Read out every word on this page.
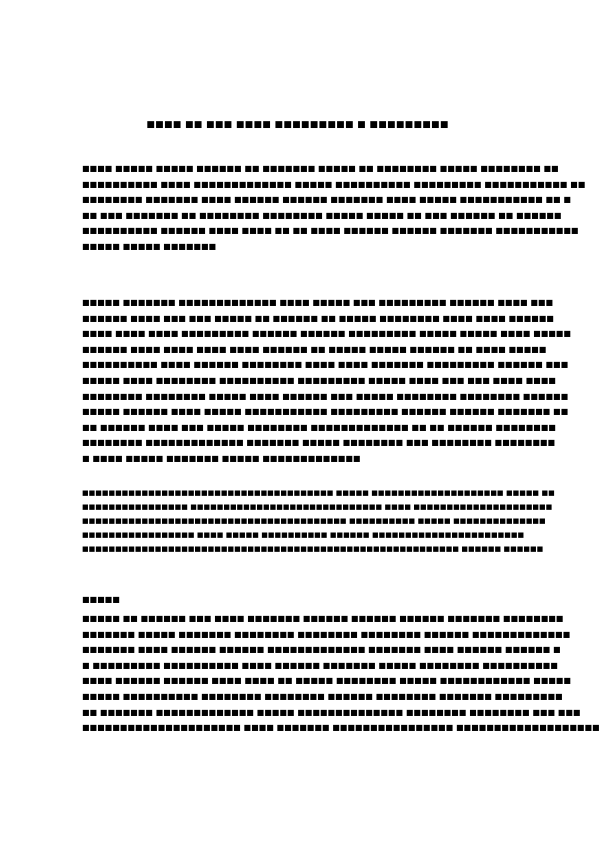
■■■■ ■■ ■■■ ■■■■ ■■■■■■■■■ ■ ■■■■■■■■■
■■■■ ■■■■■ ■■■■■ ■■■■■■ ■■ ■■■■■■■ ■■■■■ ■■ ■■■■■■■■ ■■■■■ ■■■■■■■■ ■■
■■■■■■■■■■ ■■■■ ■■■■■■■■■■■■■ ■■■■■ ■■■■■■■■■■ ■■■■■■■■■ ■■■■■■■■■■■ ■■
■■■■■■■■ ■■■■■■■ ■■■■ ■■■■■■ ■■■■■■ ■■■■■■■ ■■■■ ■■■■■ ■■■■■■■■■■■ ■■ ■
■■ ■■■ ■■■■■■■ ■■ ■■■■■■■■ ■■■■■■■■ ■■■■■ ■■■■■ ■■ ■■■ ■■■■■■ ■■ ■■■■■■
■■■■■■■■■■ ■■■■■■ ■■■■ ■■■■ ■■ ■■ ■■■■ ■■■■■■ ■■■■■■ ■■■■■■■ ■■■■■■■■■■■
■■■■■ ■■■■■ ■■■■■■■
■■■■■ ■■■■■■■ ■■■■■■■■■■■■■ ■■■■ ■■■■■ ■■■ ■■■■■■■■■ ■■■■■■ ■■■■ ■■■
■■■■■■ ■■■■ ■■■ ■■■ ■■■■■ ■■ ■■■■■■ ■■ ■■■■■ ■■■■■■■■ ■■■■ ■■■■ ■■■■■■
■■■■ ■■■■ ■■■■ ■■■■■■■■■ ■■■■■■ ■■■■■■ ■■■■■■■■■ ■■■■■ ■■■■■ ■■■■ ■■■■■
■■■■■■ ■■■■ ■■■■ ■■■■ ■■■■ ■■■■■■ ■■ ■■■■■ ■■■■■ ■■■■■■ ■■ ■■■■ ■■■■■
■■■■■■■■■■ ■■■■ ■■■■■■ ■■■■■■■■ ■■■■ ■■■■ ■■■■■■■ ■■■■■■■■■ ■■■■■■ ■■■
■■■■■ ■■■■ ■■■■■■■■ ■■■■■■■■■■ ■■■■■■■■■ ■■■■■ ■■■■ ■■■ ■■■ ■■■■ ■■■■
■■■■■■■■ ■■■■■■■■ ■■■■■ ■■■■ ■■■■■■ ■■■ ■■■■■ ■■■■■■■■ ■■■■■■■■ ■■■■■■
■■■■■ ■■■■■■ ■■■■ ■■■■■ ■■■■■■■■■■■ ■■■■■■■■■ ■■■■■■ ■■■■■■ ■■■■■■■ ■■
■■ ■■■■■■ ■■■■ ■■■ ■■■■■ ■■■■■■■■ ■■■■■■■■■■■■■ ■■ ■■ ■■■■■■ ■■■■■■■■
■■■■■■■■ ■■■■■■■■■■■■■ ■■■■■■■ ■■■■■ ■■■■■■■■ ■■■ ■■■■■■■■ ■■■■■■■■
■ ■■■■ ■■■■■ ■■■■■■■ ■■■■■ ■■■■■■■■■■■■■
■■■■■■■■■■■■■■■■■■■■■■■■■■■■■■■■■■■■■■ ■■■■■ ■■■■■■■■■■■■■■■■■■■■ ■■■■■ ■■
■■■■■■■■■■■■■■■■ ■■■■■■■■■■■■■■■■■■■■■■■■■■■■■ ■■■■ ■■■■■■■■■■■■■■■■■■■■■
■■■■■■■■■■■■■■■■■■■■■■■■■■■■■■■■■■■■■■■■ ■■■■■■■■■■ ■■■■■ ■■■■■■■■■■■■■■
■■■■■■■■■■■■■■■■■ ■■■■ ■■■■■ ■■■■■■■■■■ ■■■■■■ ■■■■■■■■■■■■■■■■■■■■■■■
■■■■■■■■■■■■■■■■■■■■■■■■■■■■■■■■■■■■■■■■■■■■■■■■■■■■■■■■■ ■■■■■■ ■■■■■■
■■■■■
■■■■■ ■■ ■■■■■■ ■■■ ■■■■ ■■■■■■■ ■■■■■■ ■■■■■■ ■■■■■■ ■■■■■■■ ■■■■■■■■
■■■■■■■ ■■■■■ ■■■■■■■ ■■■■■■■■ ■■■■■■■■ ■■■■■■■■ ■■■■■■ ■■■■■■■■■■■■■
■■■■■■■ ■■■■ ■■■■■■ ■■■■■■ ■■■■■■■■■■■■■ ■■■■■■■ ■■■■ ■■■■■■ ■■■■■■ ■
■ ■■■■■■■■■ ■■■■■■■■■■ ■■■■ ■■■■■■ ■■■■■■■ ■■■■■ ■■■■■■■■ ■■■■■■■■■■
■■■■ ■■■■■■ ■■■■■■ ■■■■ ■■■■ ■■ ■■■■■ ■■■■■■■■ ■■■■■ ■■■■■■■■■■■■ ■■■■■
■■■■■ ■■■■■■■■■■ ■■■■■■■■ ■■■■■■■■ ■■■■■■ ■■■■■■■■ ■■■■■■■ ■■■■■■■■■
■■ ■■■■■■■ ■■■■■■■■■■■■■ ■■■■■ ■■■■■■■■■■■■■■ ■■■■■■■■ ■■■■■■■■ ■■■ ■■■
■■■■■■■■■■■■■■■■■■■■■ ■■■■ ■■■■■■■ ■■■■■■■■■■■■■■■■ ■■■■■■■■■■■■■■■■■■■
